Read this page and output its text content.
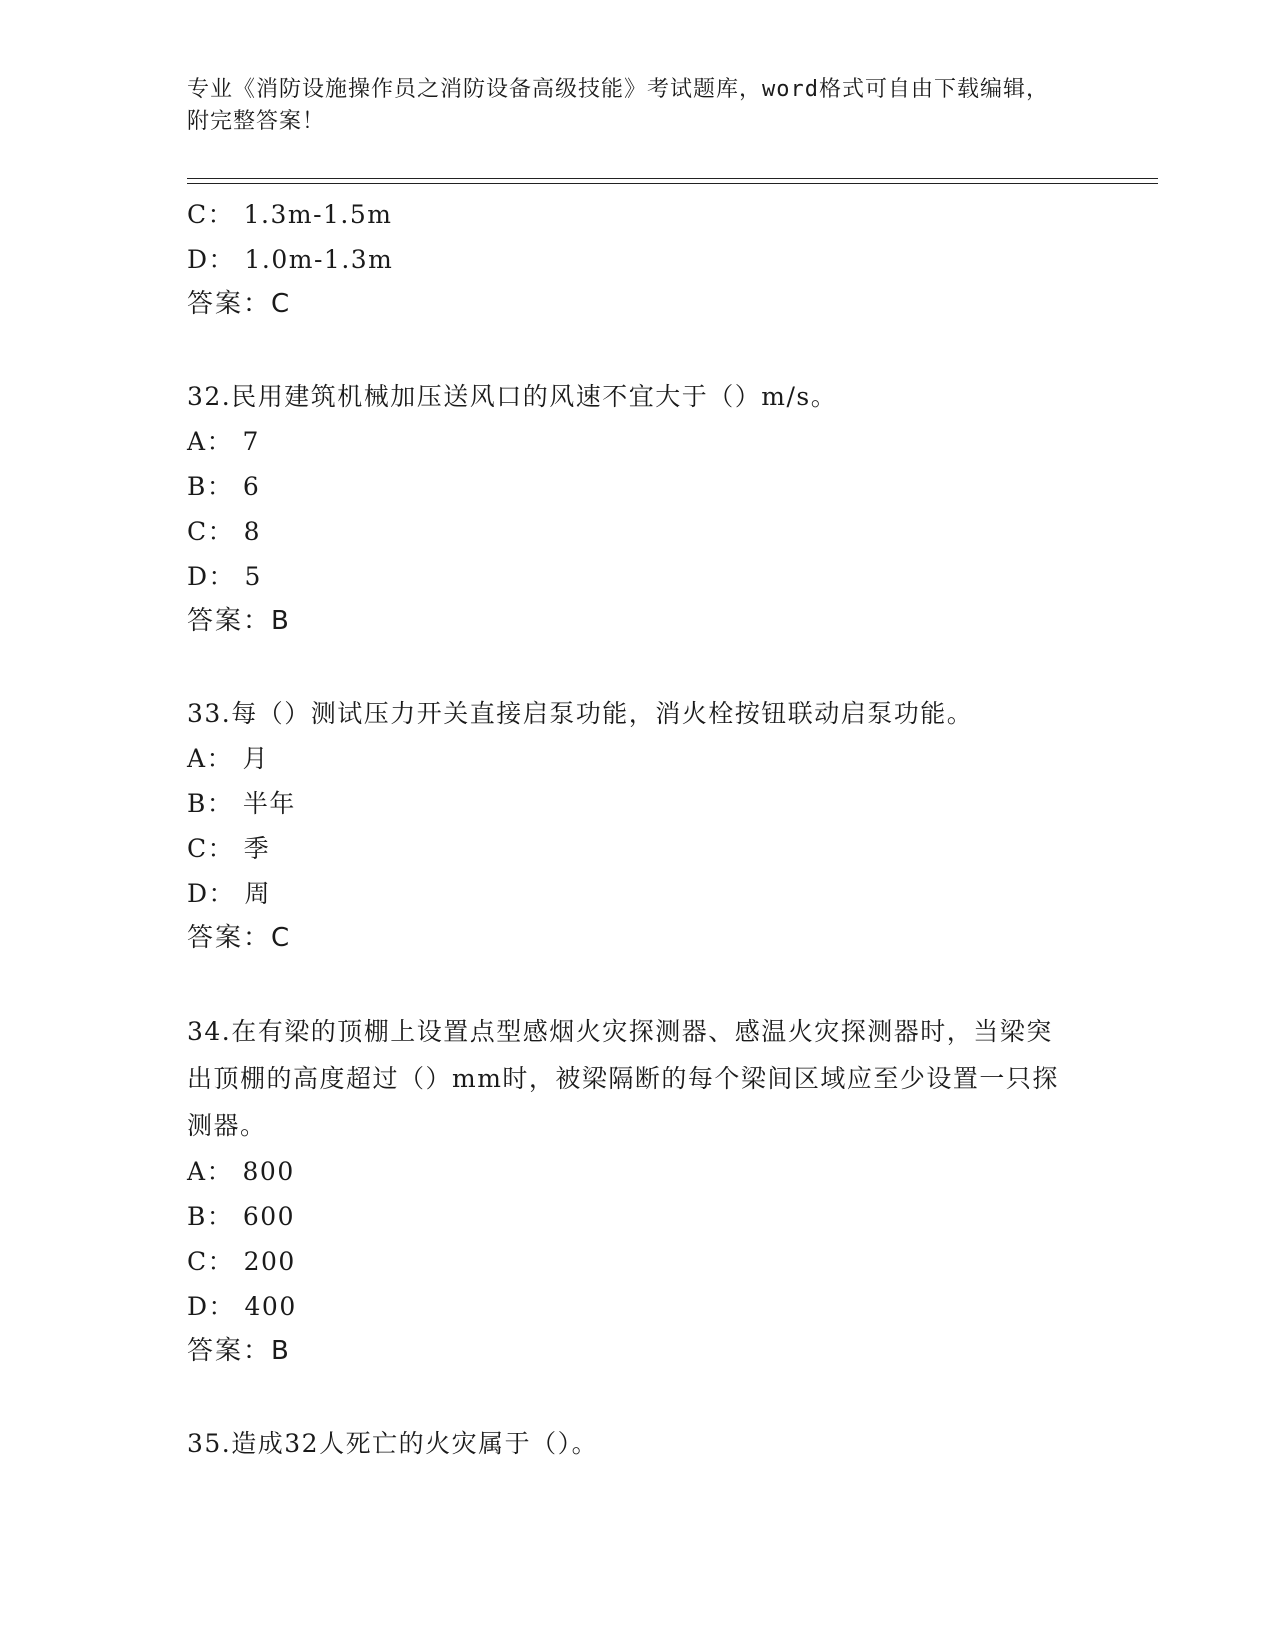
专业《消防设施操作员之消防设备高级技能》考试题库，word格式可自由下载编辑，附完整答案！
C： 1.3m-1.5m
D： 1.0m-1.3m
答案：C
32.民用建筑机械加压送风口的风速不宜大于（）m/s。
A： 7
B： 6
C： 8
D： 5
答案：B
33.每（）测试压力开关直接启泵功能，消火栓按钮联动启泵功能。
A： 月
B： 半年
C： 季
D： 周
答案：C
34.在有梁的顶棚上设置点型感烟火灾探测器、感温火灾探测器时，当梁突出顶棚的高度超过（）mm时，被梁隔断的每个梁间区域应至少设置一只探测器。
A： 800
B： 600
C： 200
D： 400
答案：B
35.造成32人死亡的火灾属于（）。
